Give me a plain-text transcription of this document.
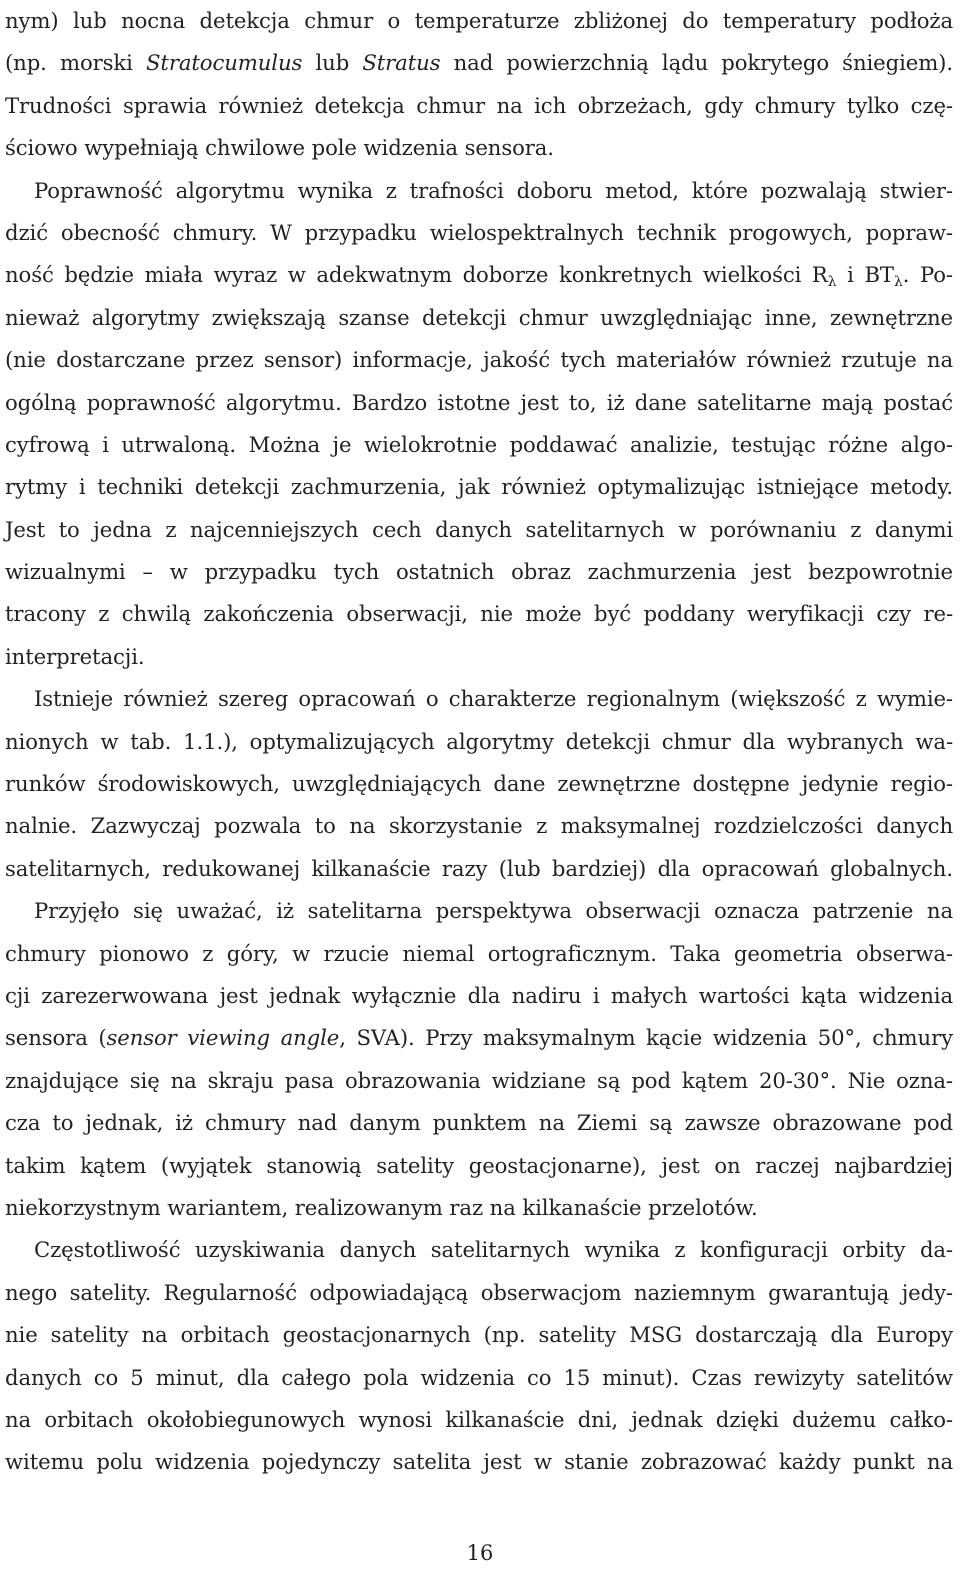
nym) lub nocna detekcja chmur o temperaturze zbliżonej do temperatury podłoża
(np. morski Stratocumulus lub Stratus nad powierzchnią lądu pokrytego śniegiem).
Trudności sprawia również detekcja chmur na ich obrzeżach, gdy chmury tylko czę-
ściowo wypełniają chwilowe pole widzenia sensora.
Poprawność algorytmu wynika z trafności doboru metod, które pozwalają stwier-
dzić obecność chmury. W przypadku wielospektralnych technik progowych, popraw-
ność będzie miała wyraz w adekwatnym doborze konkretnych wielkości $R_\lambda$ i $BT_\lambda$. Po-
nieważ algorytmy zwiększają szanse detekcji chmur uwzględniając inne, zewnętrzne
(nie dostarczane przez sensor) informacje, jakość tych materiałów również rzutuje na
ogólną poprawność algorytmu. Bardzo istotne jest to, iż dane satelitarne mają postać
cyfrową i utrwaloną. Można je wielokrotnie poddawać analizie, testując różne algo-
rytmy i techniki detekcji zachmurzenia, jak również optymalizując istniejące metody.
Jest to jedna z najcenniejszych cech danych satelitarnych w porównaniu z danymi
wizualnymi – w przypadku tych ostatnich obraz zachmurzenia jest bezpowrotnie
tracony z chwilą zakończenia obserwacji, nie może być poddany weryfikacji czy re-
interpretacji.
Istnieje również szereg opracowań o charakterze regionalnym (większość z wymie-
nionych w tab. 1.1.), optymalizujących algorytmy detekcji chmur dla wybranych wa-
runków środowiskowych, uwzględniających dane zewnętrzne dostępne jedynie regio-
nalnie. Zazwyczaj pozwala to na skorzystanie z maksymalnej rozdzielczości danych
satelitarnych, redukowanej kilkanaście razy (lub bardziej) dla opracowań globalnych.
Przyjęło się uważać, iż satelitarna perspektywa obserwacji oznacza patrzenie na
chmury pionowo z góry, w rzucie niemal ortograficznym. Taka geometria obserwa-
cji zarezerwowana jest jednak wyłącznie dla nadiru i małych wartości kąta widzenia
sensora (sensor viewing angle, SVA). Przy maksymalnym kącie widzenia 50°, chmury
znajdujące się na skraju pasa obrazowania widziane są pod kątem 20-30°. Nie ozna-
cza to jednak, iż chmury nad danym punktem na Ziemi są zawsze obrazowane pod
takim kątem (wyjątek stanowią satelity geostacjonarne), jest on raczej najbardziej
niekorzystnym wariantem, realizowanym raz na kilkanaście przelotów.
Częstotliwość uzyskiwania danych satelitarnych wynika z konfiguracji orbity da-
nego satelity. Regularność odpowiadającą obserwacjom naziemnym gwarantują jedy-
nie satelity na orbitach geostacjonarnych (np. satelity MSG dostarczają dla Europy
danych co 5 minut, dla całego pola widzenia co 15 minut). Czas rewizyty satelitów
na orbitach okołobiegunowych wynosi kilkanaście dni, jednak dzięki dużemu całko-
witemu polu widzenia pojedynczy satelita jest w stanie zobrazować każdy punkt na
16
